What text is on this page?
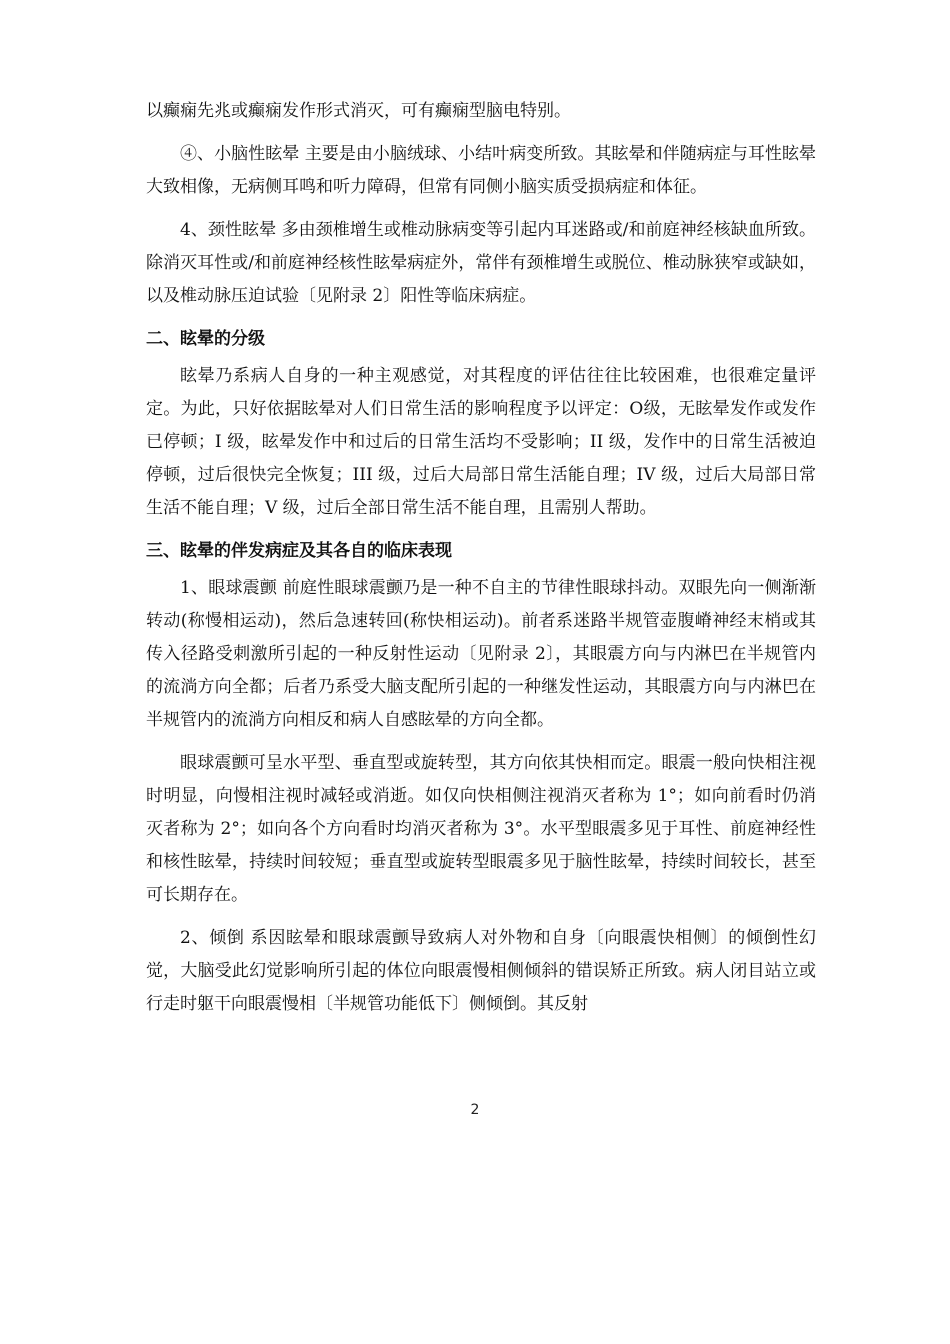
以癫痫先兆或癫痫发作形式消灭，可有癫痫型脑电特别。

④、小脑性眩晕 主要是由小脑绒球、小结叶病变所致。其眩晕和伴随病症与耳性眩晕大致相像，无病侧耳鸣和听力障碍，但常有同侧小脑实质受损病症和体征。

4、颈性眩晕 多由颈椎增生或椎动脉病变等引起内耳迷路或/和前庭神经核缺血所致。除消灭耳性或/和前庭神经核性眩晕病症外，常伴有颈椎增生或脱位、椎动脉狭窄或缺如，以及椎动脉压迫试验〔见附录 2〕阳性等临床病症。

二、眩晕的分级

眩晕乃系病人自身的一种主观感觉，对其程度的评估往往比较困难，也很难定量评定。为此，只好依据眩晕对人们日常生活的影响程度予以评定：O级，无眩晕发作或发作已停顿；I 级，眩晕发作中和过后的日常生活均不受影响；II 级，发作中的日常生活被迫停顿，过后很快完全恢复；III 级，过后大局部日常生活能自理；IV 级，过后大局部日常生活不能自理；V 级，过后全部日常生活不能自理，且需别人帮助。

三、眩晕的伴发病症及其各自的临床表现

1、眼球震颤 前庭性眼球震颤乃是一种不自主的节律性眼球抖动。双眼先向一侧渐渐转动(称慢相运动)，然后急速转回(称快相运动)。前者系迷路半规管壶腹嵴神经末梢或其传入径路受刺激所引起的一种反射性运动〔见附录 2〕，其眼震方向与内淋巴在半规管内的流淌方向全都；后者乃系受大脑支配所引起的一种继发性运动，其眼震方向与内淋巴在半规管内的流淌方向相反和病人自感眩晕的方向全都。

眼球震颤可呈水平型、垂直型或旋转型，其方向依其快相而定。眼震一般向快相注视时明显，向慢相注视时减轻或消逝。如仅向快相侧注视消灭者称为 1°；如向前看时仍消灭者称为 2°；如向各个方向看时均消灭者称为 3°。水平型眼震多见于耳性、前庭神经性和核性眩晕，持续时间较短；垂直型或旋转型眼震多见于脑性眩晕，持续时间较长，甚至可长期存在。

2、倾倒 系因眩晕和眼球震颤导致病人对外物和自身〔向眼震快相侧〕的倾倒性幻觉，大脑受此幻觉影响所引起的体位向眼震慢相侧倾斜的错误矫正所致。病人闭目站立或行走时躯干向眼震慢相〔半规管功能低下〕侧倾倒。其反射

2
